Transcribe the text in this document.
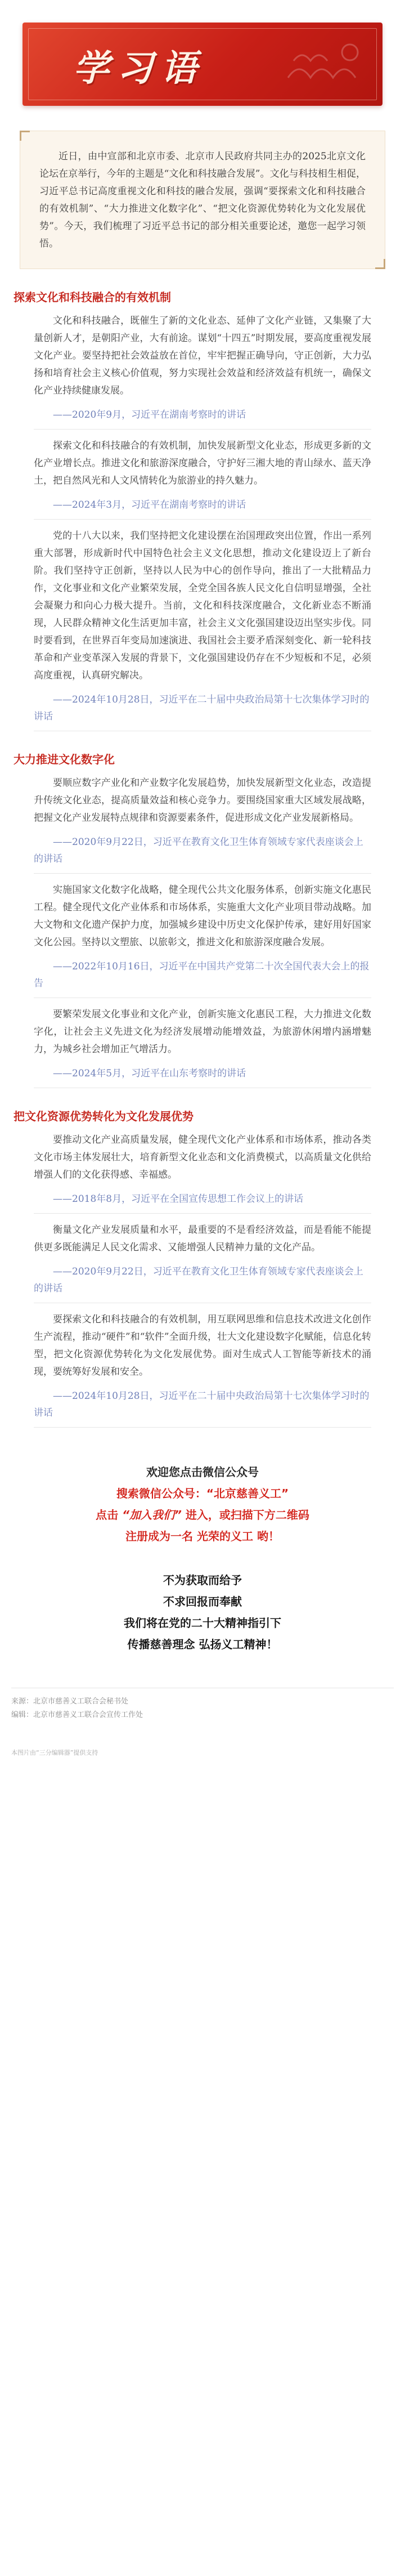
学习语

近日，由中宣部和北京市委、北京市人民政府共同主办的2025北京文化论坛在京举行，今年的主题是“文化和科技融合发展”。文化与科技相生相促，习近平总书记高度重视文化和科技的融合发展，强调“要探索文化和科技融合的有效机制”、“大力推进文化数字化”、“把文化资源优势转化为文化发展优势”。今天，我们梳理了习近平总书记的部分相关重要论述，邀您一起学习领悟。

探索文化和科技融合的有效机制

文化和科技融合，既催生了新的文化业态、延伸了文化产业链，又集聚了大量创新人才，是朝阳产业，大有前途。谋划“十四五”时期发展，要高度重视发展文化产业。要坚持把社会效益放在首位，牢牢把握正确导向，守正创新，大力弘扬和培育社会主义核心价值观，努力实现社会效益和经济效益有机统一，确保文化产业持续健康发展。

——2020年9月，习近平在湖南考察时的讲话

探索文化和科技融合的有效机制，加快发展新型文化业态，形成更多新的文化产业增长点。推进文化和旅游深度融合，守护好三湘大地的青山绿水、蓝天净土，把自然风光和人文风情转化为旅游业的持久魅力。

——2024年3月，习近平在湖南考察时的讲话

党的十八大以来，我们坚持把文化建设摆在治国理政突出位置，作出一系列重大部署，形成新时代中国特色社会主义文化思想，推动文化建设迈上了新台阶。我们坚持守正创新，坚持以人民为中心的创作导向，推出了一大批精品力作，文化事业和文化产业繁荣发展，全党全国各族人民文化自信明显增强，全社会凝聚力和向心力极大提升。当前，文化和科技深度融合，文化新业态不断涌现，人民群众精神文化生活更加丰富，社会主义文化强国建设迈出坚实步伐。同时要看到，在世界百年变局加速演进、我国社会主要矛盾深刻变化、新一轮科技革命和产业变革深入发展的背景下，文化强国建设仍存在不少短板和不足，必须高度重视，认真研究解决。

——2024年10月28日，习近平在二十届中央政治局第十七次集体学习时的讲话

大力推进文化数字化

要顺应数字产业化和产业数字化发展趋势，加快发展新型文化业态，改造提升传统文化业态，提高质量效益和核心竞争力。要围绕国家重大区域发展战略，把握文化产业发展特点规律和资源要素条件，促进形成文化产业发展新格局。

——2020年9月22日，习近平在教育文化卫生体育领域专家代表座谈会上的讲话

实施国家文化数字化战略，健全现代公共文化服务体系，创新实施文化惠民工程。健全现代文化产业体系和市场体系，实施重大文化产业项目带动战略。加大文物和文化遗产保护力度，加强城乡建设中历史文化保护传承，建好用好国家文化公园。坚持以文塑旅、以旅彰文，推进文化和旅游深度融合发展。

——2022年10月16日，习近平在中国共产党第二十次全国代表大会上的报告

要繁荣发展文化事业和文化产业，创新实施文化惠民工程，大力推进文化数字化，让社会主义先进文化为经济发展增动能增效益，为旅游休闲增内涵增魅力，为城乡社会增加正气增活力。

——2024年5月，习近平在山东考察时的讲话

把文化资源优势转化为文化发展优势

要推动文化产业高质量发展，健全现代文化产业体系和市场体系，推动各类文化市场主体发展壮大，培育新型文化业态和文化消费模式，以高质量文化供给增强人们的文化获得感、幸福感。

——2018年8月，习近平在全国宣传思想工作会议上的讲话

衡量文化产业发展质量和水平，最重要的不是看经济效益，而是看能不能提供更多既能满足人民文化需求、又能增强人民精神力量的文化产品。

——2020年9月22日，习近平在教育文化卫生体育领域专家代表座谈会上的讲话

要探索文化和科技融合的有效机制，用互联网思维和信息技术改进文化创作生产流程，推动“硬件”和“软件”全面升级，壮大文化建设数字化赋能，信息化转型，把文化资源优势转化为文化发展优势。面对生成式人工智能等新技术的涌现，要统筹好发展和安全。

——2024年10月28日，习近平在二十届中央政治局第十七次集体学习时的讲话

欢迎您点击微信公众号
搜索微信公众号：“北京慈善义工”
点击 “加入我们” 进入，或扫描下方二维码
注册成为一名 光荣的义工 哟！
不为获取而给予
不求回报而奉献
我们将在党的二十大精神指引下
传播慈善理念 弘扬义工精神！
来源：北京市慈善义工联合会秘书处
编辑：北京市慈善义工联合会宣传工作处
本图片由“三分编辑器”提供支持
